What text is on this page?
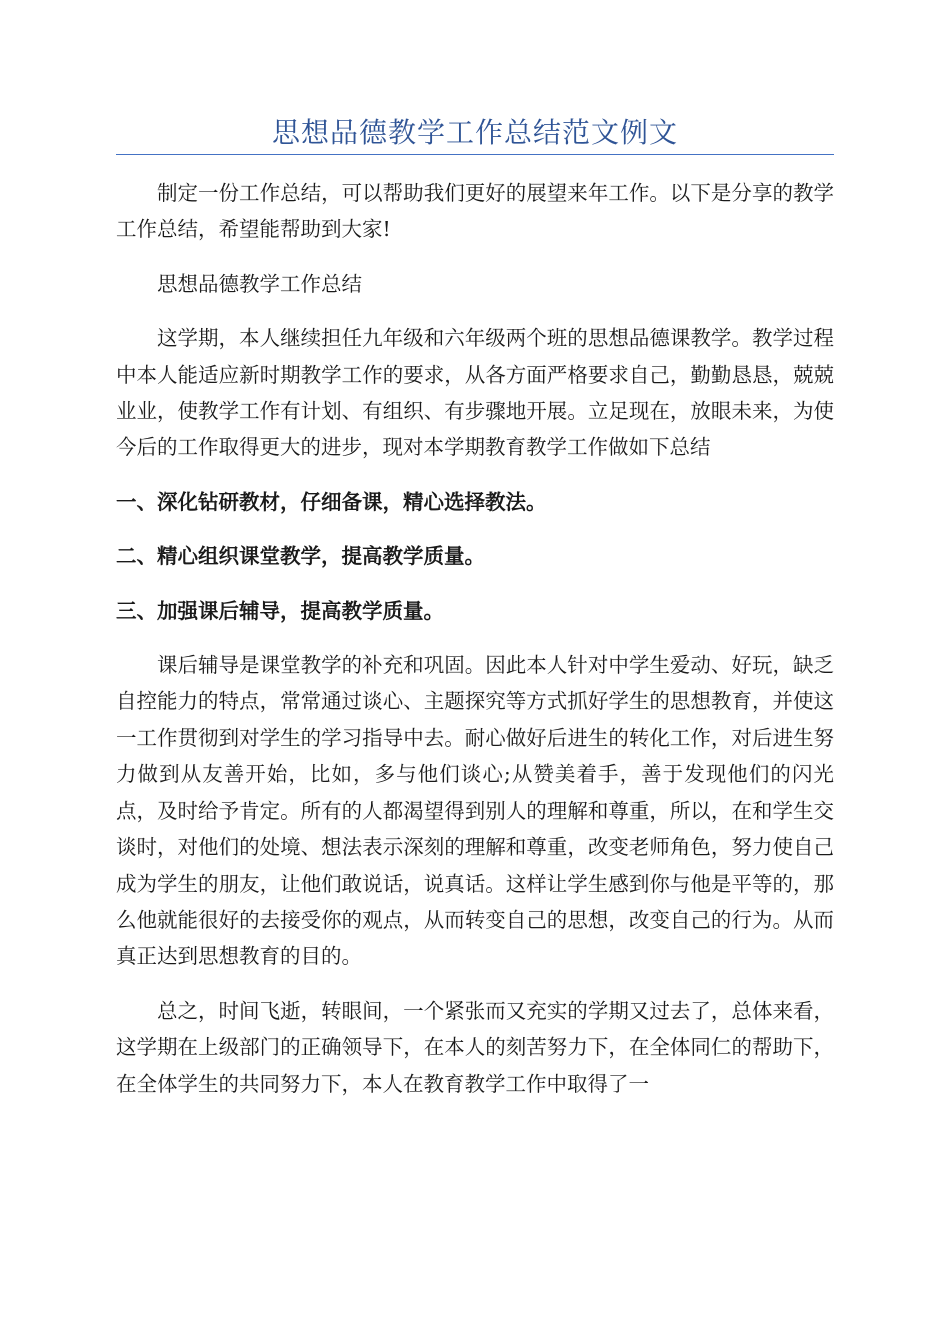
思想品德教学工作总结范文例文

制定一份工作总结，可以帮助我们更好的展望来年工作。以下是分享的教学工作总结，希望能帮助到大家!

思想品德教学工作总结

这学期，本人继续担任九年级和六年级两个班的思想品德课教学。教学过程中本人能适应新时期教学工作的要求，从各方面严格要求自己，勤勤恳恳，兢兢业业，使教学工作有计划、有组织、有步骤地开展。立足现在，放眼未来，为使今后的工作取得更大的进步，现对本学期教育教学工作做如下总结

一、深化钻研教材，仔细备课，精心选择教法。

二、精心组织课堂教学，提高教学质量。

三、加强课后辅导，提高教学质量。

课后辅导是课堂教学的补充和巩固。因此本人针对中学生爱动、好玩，缺乏自控能力的特点，常常通过谈心、主题探究等方式抓好学生的思想教育，并使这一工作贯彻到对学生的学习指导中去。耐心做好后进生的转化工作，对后进生努力做到从友善开始，比如，多与他们谈心;从赞美着手，善于发现他们的闪光点，及时给予肯定。所有的人都渴望得到别人的理解和尊重，所以，在和学生交谈时，对他们的处境、想法表示深刻的理解和尊重，改变老师角色，努力使自己成为学生的朋友，让他们敢说话，说真话。这样让学生感到你与他是平等的，那么他就能很好的去接受你的观点，从而转变自己的思想，改变自己的行为。从而真正达到思想教育的目的。

总之，时间飞逝，转眼间，一个紧张而又充实的学期又过去了，总体来看，这学期在上级部门的正确领导下，在本人的刻苦努力下，在全体同仁的帮助下，在全体学生的共同努力下，本人在教育教学工作中取得了一
